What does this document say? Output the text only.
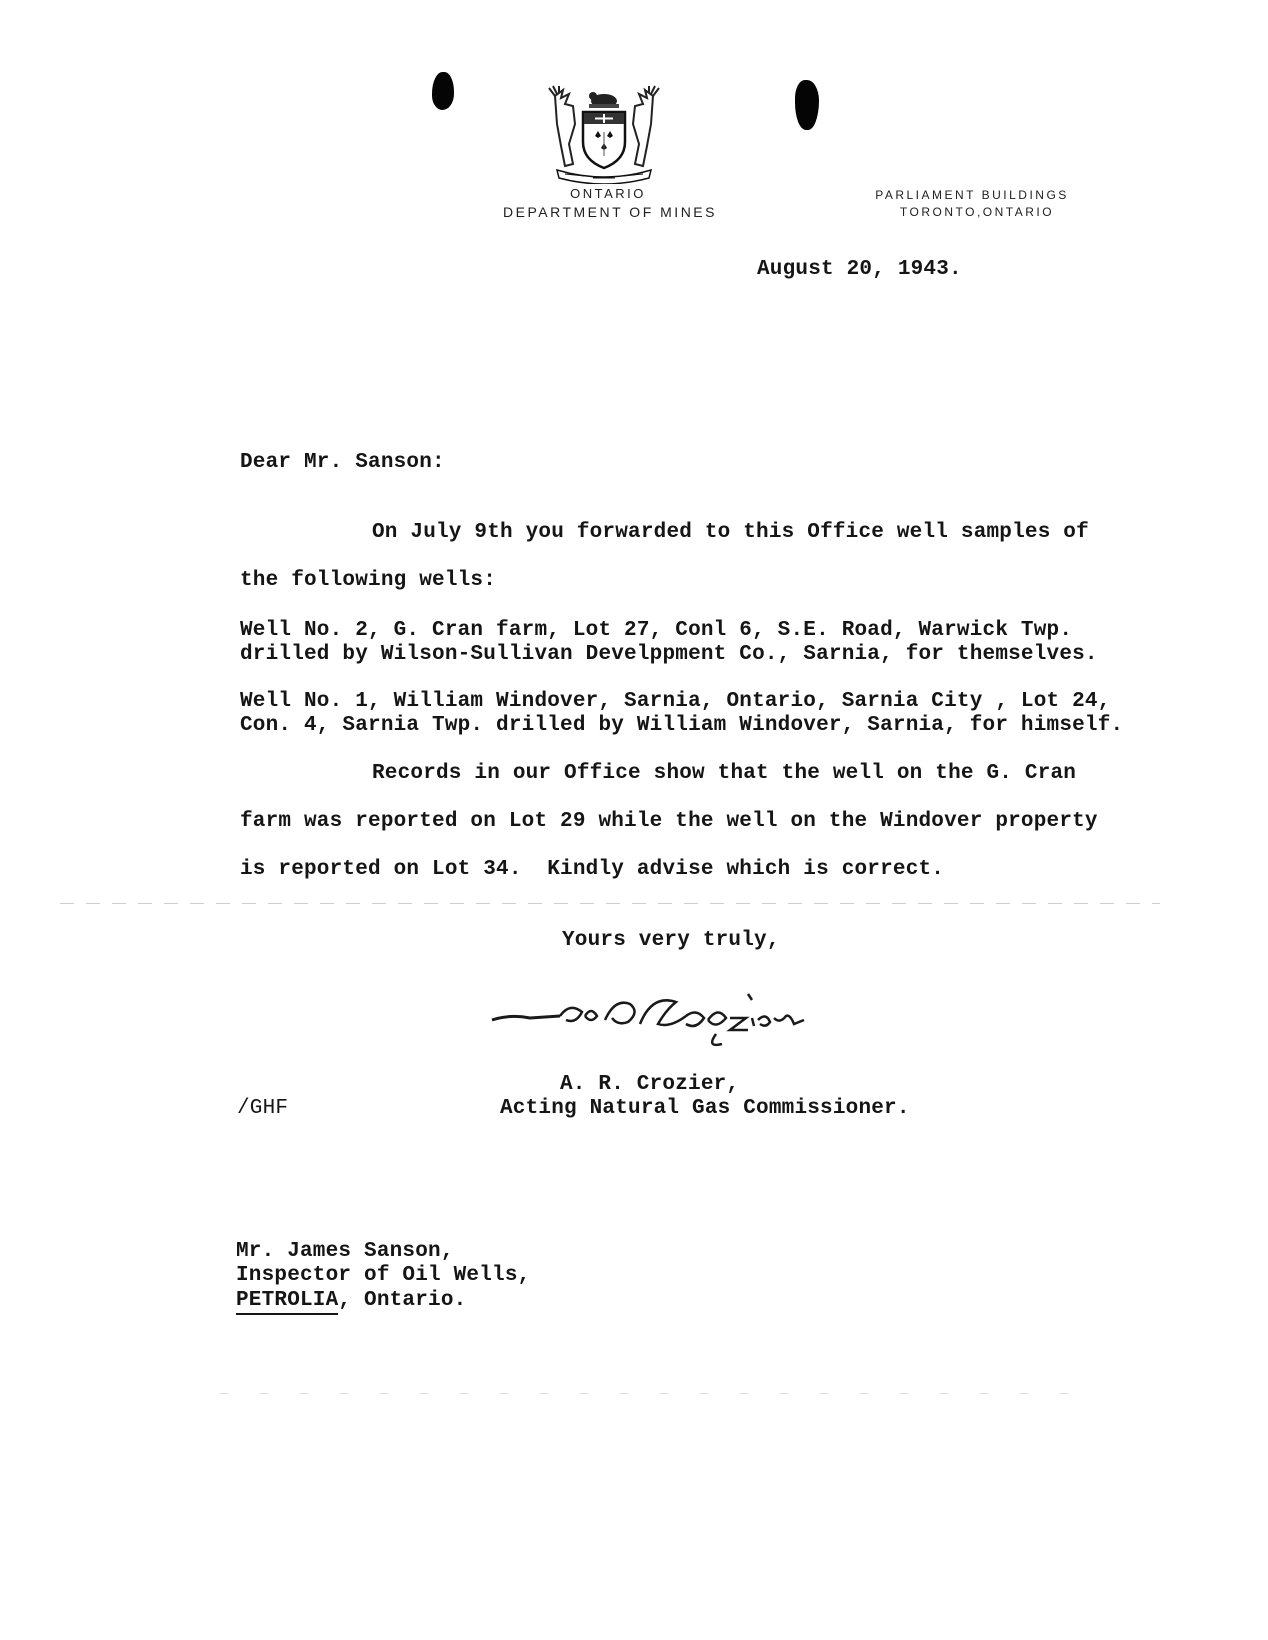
ONTARIO
DEPARTMENT OF MINES
PARLIAMENT BUILDINGS
TORONTO,ONTARIO
August 20, 1943.
Dear Mr. Sanson:
On July 9th you forwarded to this Office well samples of
the following wells:
Well No. 2, G. Cran farm, Lot 27, Conl 6, S.E. Road, Warwick Twp.
drilled by Wilson-Sullivan Develppment Co., Sarnia, for themselves.
Well No. 1, William Windover, Sarnia, Ontario, Sarnia City , Lot 24,
Con. 4, Sarnia Twp. drilled by William Windover, Sarnia, for himself.
Records in our Office show that the well on the G. Cran
farm was reported on Lot 29 while the well on the Windover property
is reported on Lot 34.  Kindly advise which is correct.
Yours very truly,
A. R. Crozier,
Acting Natural Gas Commissioner.
/GHF
Mr. James Sanson,
Inspector of Oil Wells,
PETROLIA, Ontario.
